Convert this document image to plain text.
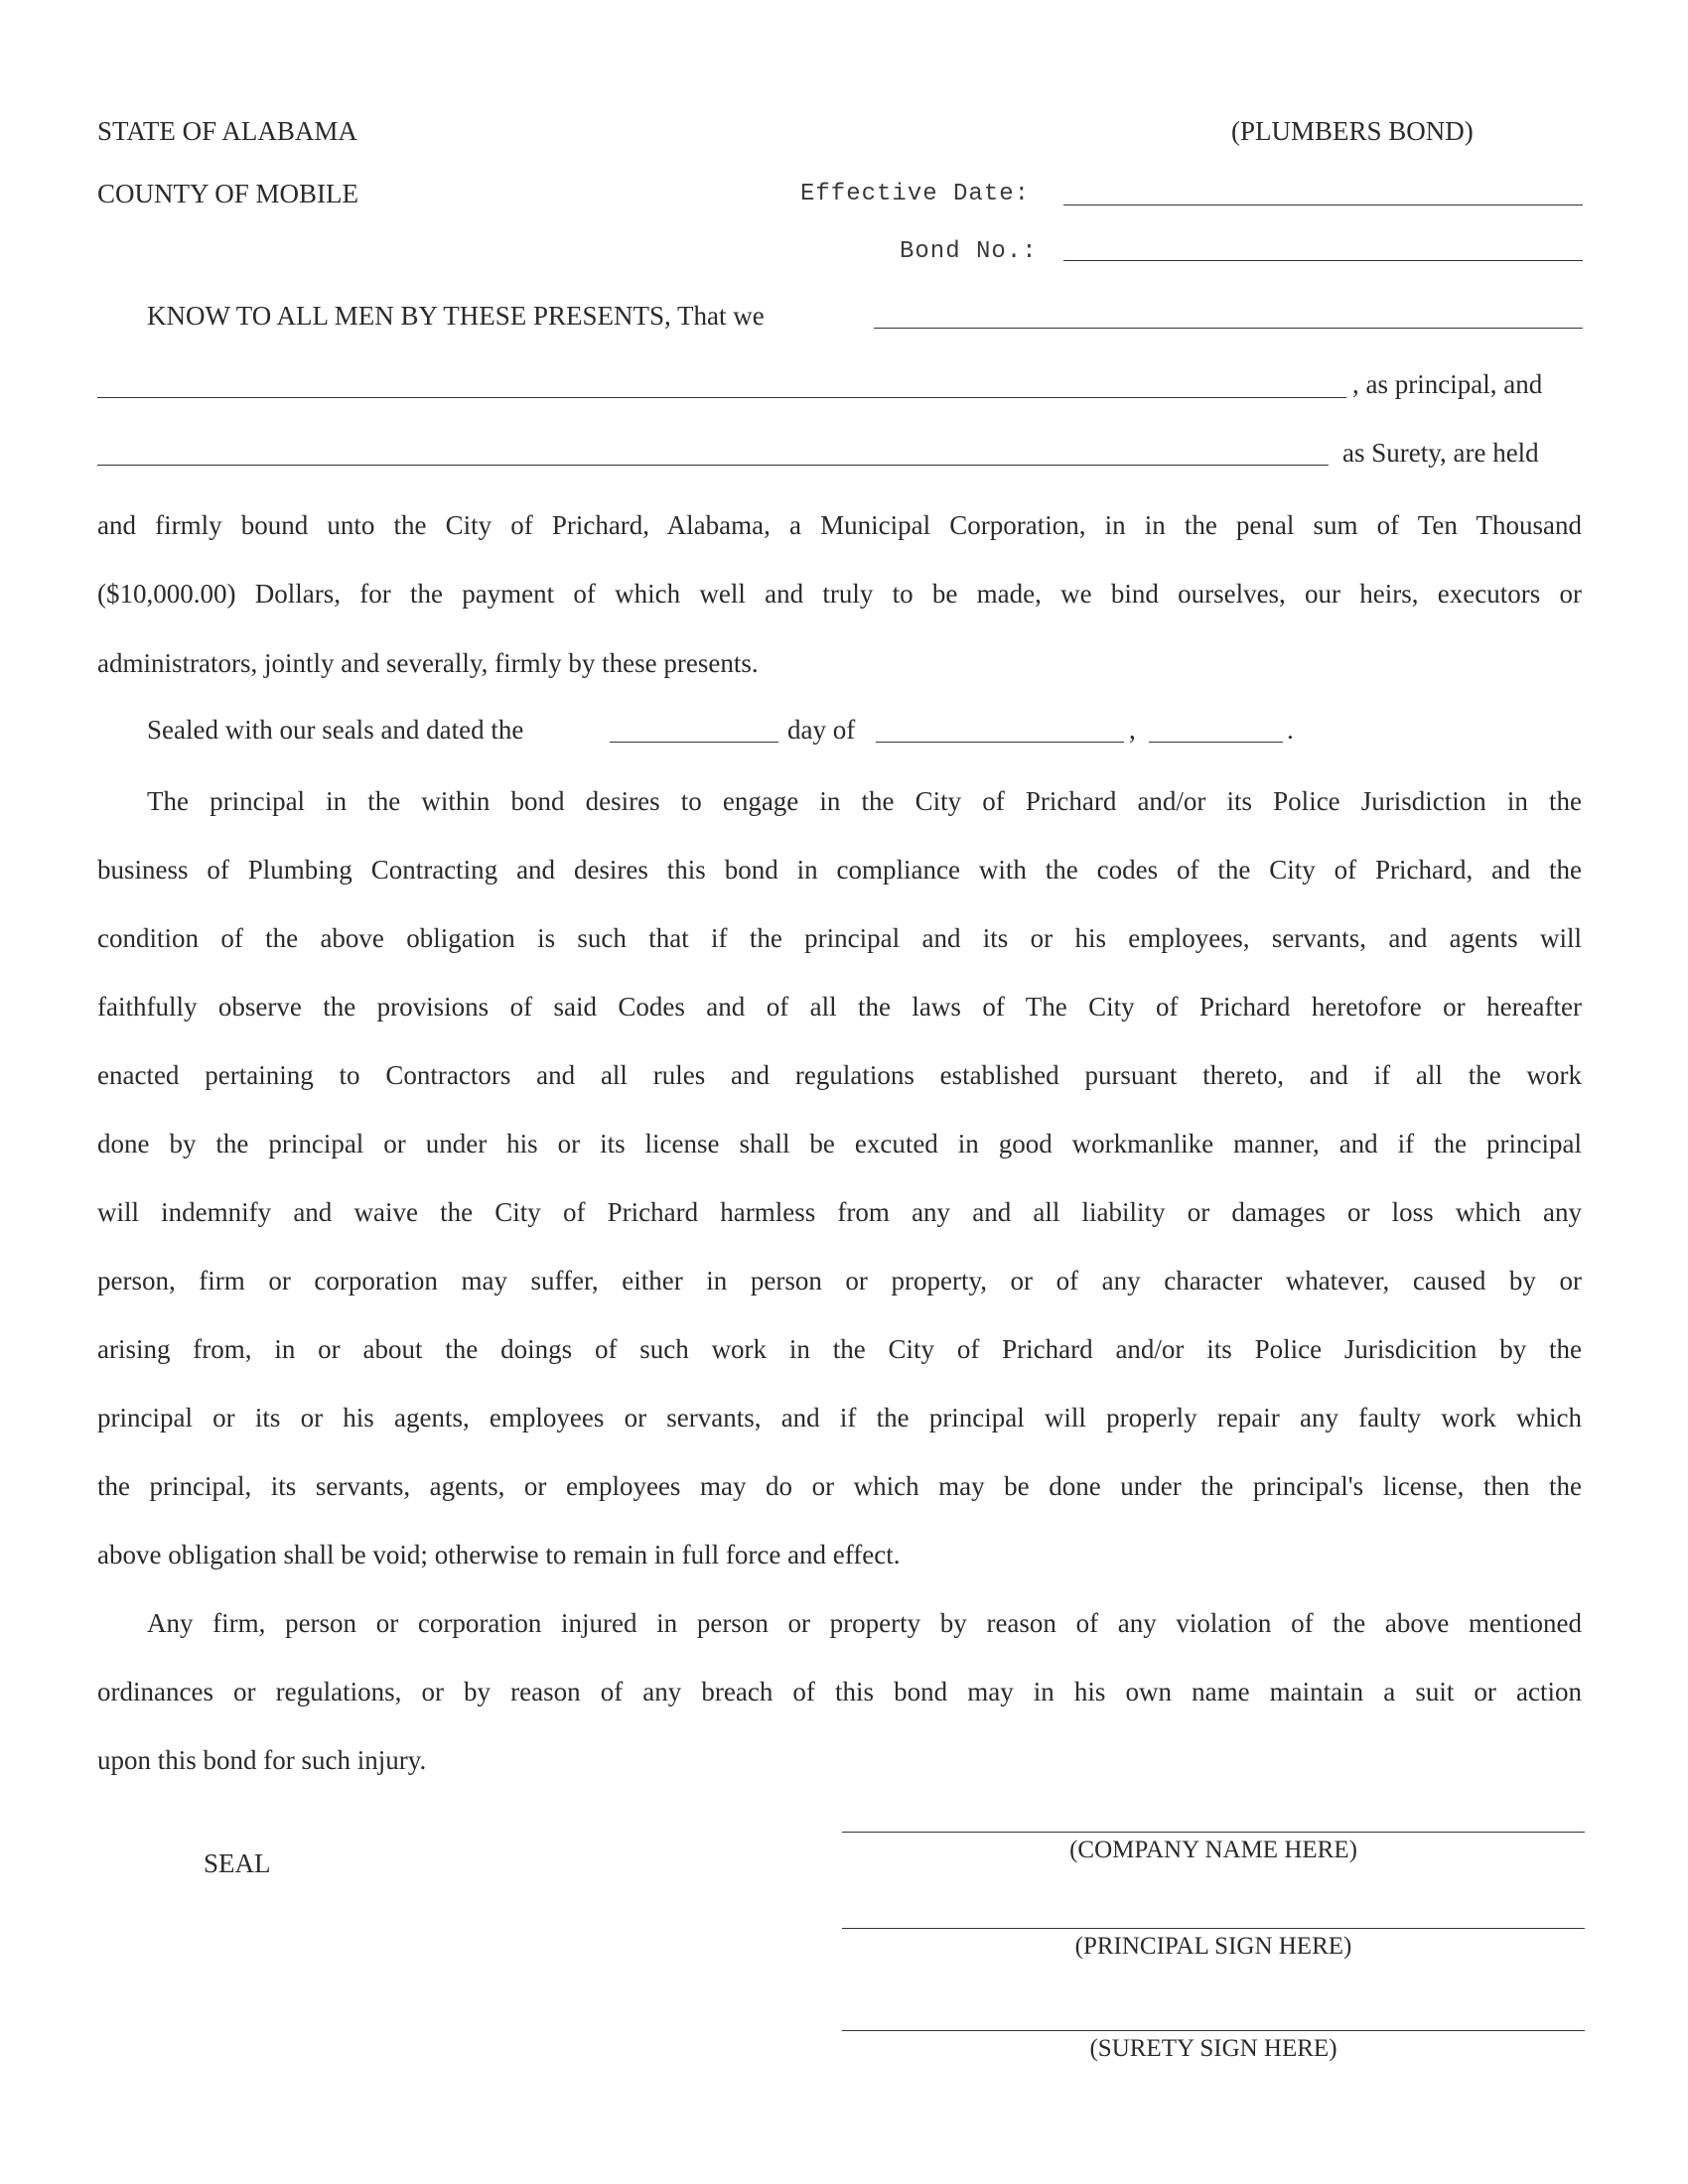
STATE OF ALABAMA	(PLUMBERS BOND)
COUNTY OF MOBILE	Effective Date:
Bond No.:
KNOW TO ALL MEN BY THESE PRESENTS, That we
, as principal, and
as Surety, are held
and firmly bound unto the City of Prichard, Alabama, a Municipal Corporation, in in the penal sum of Ten Thousand
($10,000.00) Dollars, for the payment of which well and truly to be made, we bind ourselves, our heirs, executors or
administrators, jointly and severally, firmly by these presents.
Sealed with our seals and dated the	day of	,	.
The principal in the within bond desires to engage in the City of Prichard and/or its Police Jurisdiction in the
business of Plumbing Contracting and desires this bond in compliance with the codes of the City of Prichard, and the
condition of the above obligation is such that if the principal and its or his employees, servants, and agents will
faithfully observe the provisions of said Codes and of all the laws of The City of Prichard heretofore or hereafter
enacted pertaining to Contractors and all rules and regulations established pursuant thereto, and if all the work
done by the principal or under his or its license shall be excuted in good workmanlike manner, and if the principal
will indemnify and waive the City of Prichard harmless from any and all liability or damages or loss which any
person, firm or corporation may suffer, either in person or property, or of any character whatever, caused by or
arising from, in or about the doings of such work in the City of Prichard and/or its Police Jurisdicition by the
principal or its or his agents, employees or servants, and if the principal will properly repair any faulty work which
the principal, its servants, agents, or employees may do or which may be done under the principal's license, then the
above obligation shall be void; otherwise to remain in full force and effect.
Any firm, person or corporation injured in person or property by reason of any violation of the above mentioned
ordinances or regulations, or by reason of any breach of this bond may in his own name maintain a suit or action
upon this bond for such injury.
SEAL	(COMPANY NAME HERE)
(PRINCIPAL SIGN HERE)
(SURETY SIGN HERE)
